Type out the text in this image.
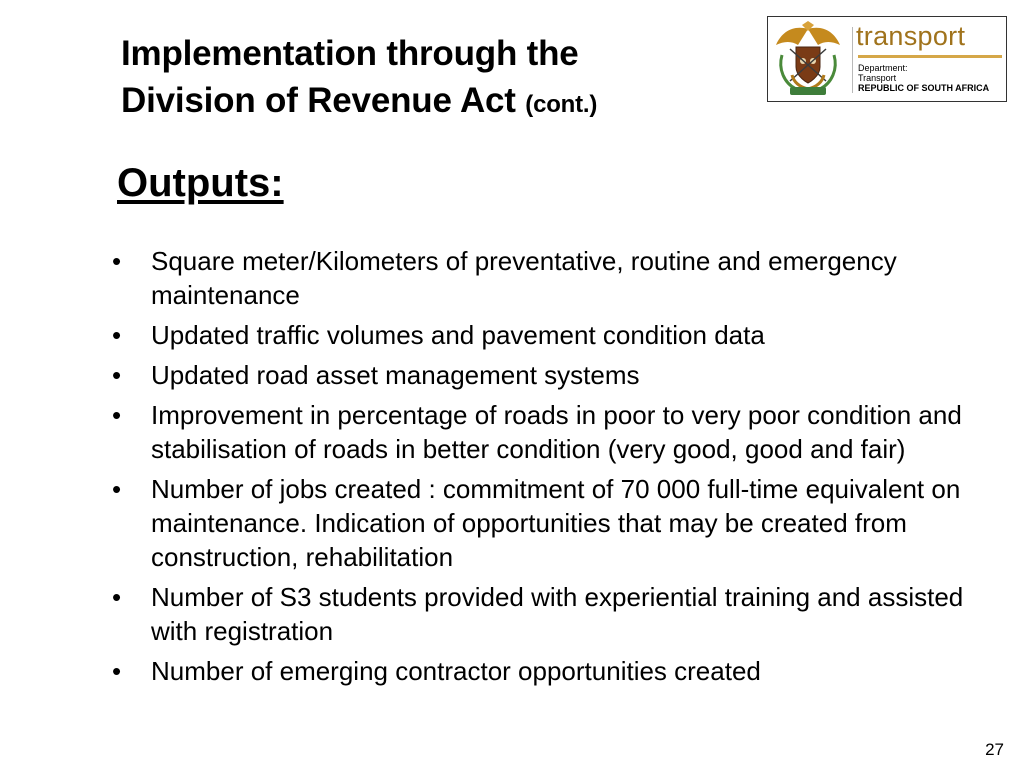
Implementation through the
Division of Revenue Act (cont.)
transport
Department:
Transport
REPUBLIC OF SOUTH AFRICA
Outputs:
• Square meter/Kilometers of preventative, routine and emergency maintenance
• Updated traffic volumes and pavement condition data
• Updated road asset management systems
• Improvement in percentage of roads in poor to very poor condition and stabilisation of roads in better condition (very good, good and fair)
• Number of jobs created : commitment of 70 000 full-time equivalent on maintenance. Indication of opportunities that may be created from construction, rehabilitation
• Number of S3 students provided with experiential training and assisted with registration
• Number of emerging contractor opportunities created
27
